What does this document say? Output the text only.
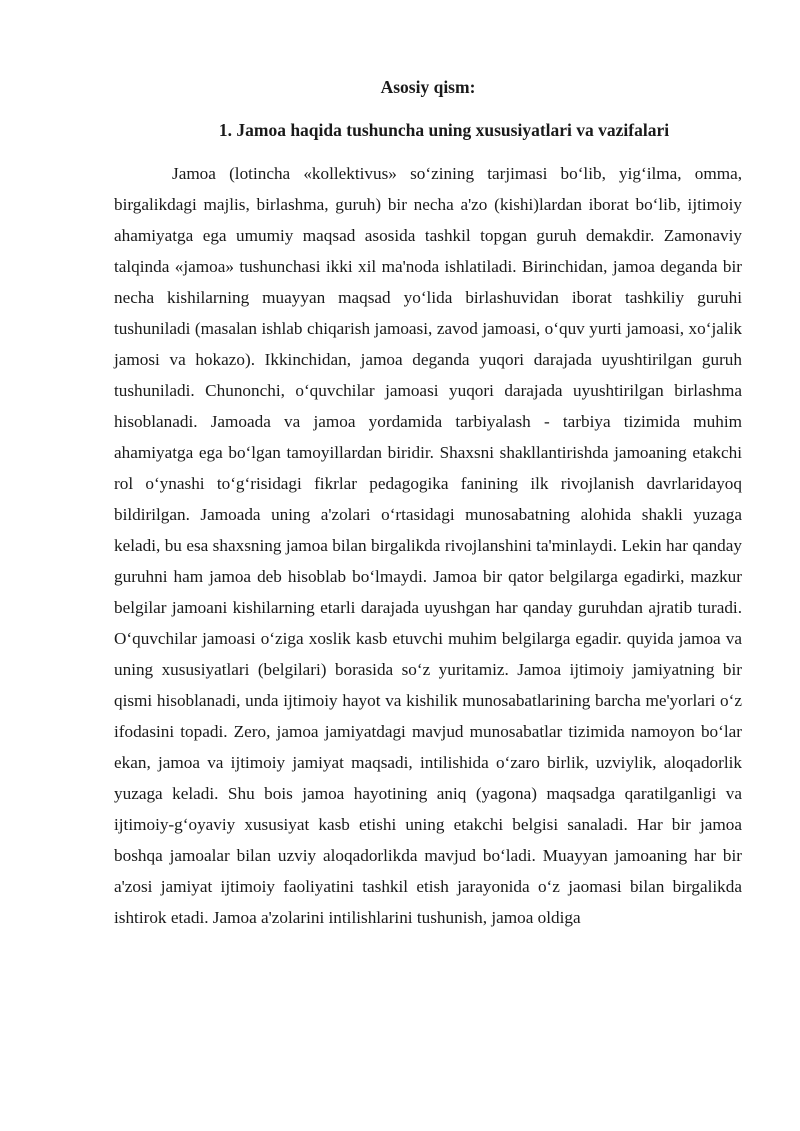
Asosiy qism:
1. Jamoa haqida tushuncha uning xususiyatlari va vazifalari

Jamoa (lotincha «kollektivus» so‘zining tarjimasi bo‘lib, yig‘ilma, omma, birgalikdagi majlis, birlashma, guruh) bir necha a'zo (kishi)lardan iborat bo‘lib, ijtimoiy ahamiyatga ega umumiy maqsad asosida tashkil topgan guruh demakdir. Zamonaviy talqinda «jamoa» tushunchasi ikki xil ma'noda ishlatiladi. Birinchidan, jamoa deganda bir necha kishilarning muayyan maqsad yo‘lida birlashuvidan iborat tashkiliy guruhi tushuniladi (masalan ishlab chiqarish jamoasi, zavod jamoasi, o‘quv yurti jamoasi, xo‘jalik jamosi va hokazo). Ikkinchidan, jamoa deganda yuqori darajada uyushtirilgan guruh tushuniladi. Chunonchi, o‘quvchilar jamoasi yuqori darajada uyushtirilgan birlashma hisoblanadi. Jamoada va jamoa yordamida tarbiyalash - tarbiya tizimida muhim ahamiyatga ega bo‘lgan tamoyillardan biridir. Shaxsni shakllantirishda jamoaning etakchi rol o‘ynashi to‘g‘risidagi fikrlar pedagogika fanining ilk rivojlanish davrlaridayoq bildirilgan. Jamoada uning a'zolari o‘rtasidagi munosabatning alohida shakli yuzaga keladi, bu esa shaxsning jamoa bilan birgalikda rivojlanshini ta'minlaydi. Lekin har qanday guruhni ham jamoa deb hisoblab bo‘lmaydi. Jamoa bir qator belgilarga egadirki, mazkur belgilar jamoani kishilarning etarli darajada uyushgan har qanday guruhdan ajratib turadi. O‘quvchilar jamoasi o‘ziga xoslik kasb etuvchi muhim belgilarga egadir. quyida jamoa va uning xususiyatlari (belgilari) borasida so‘z yuritamiz. Jamoa ijtimoiy jamiyatning bir qismi hisoblanadi, unda ijtimoiy hayot va kishilik munosabatlarining barcha me'yorlari o‘z ifodasini topadi. Zero, jamoa jamiyatdagi mavjud munosabatlar tizimida namoyon bo‘lar ekan, jamoa va ijtimoiy jamiyat maqsadi, intilishida o‘zaro birlik, uzviylik, aloqadorlik yuzaga keladi. Shu bois jamoa hayotining aniq (yagona) maqsadga qaratilganligi va ijtimoiy-g‘oyaviy xususiyat kasb etishi uning etakchi belgisi sanaladi. Har bir jamoa boshqa jamoalar bilan uzviy aloqadorlikda mavjud bo‘ladi. Muayyan jamoaning har bir a'zosi jamiyat ijtimoiy faoliyatini tashkil etish jarayonida o‘z jaomasi bilan birgalikda ishtirok etadi. Jamoa a'zolarini intilishlarini tushunish, jamoa oldiga
